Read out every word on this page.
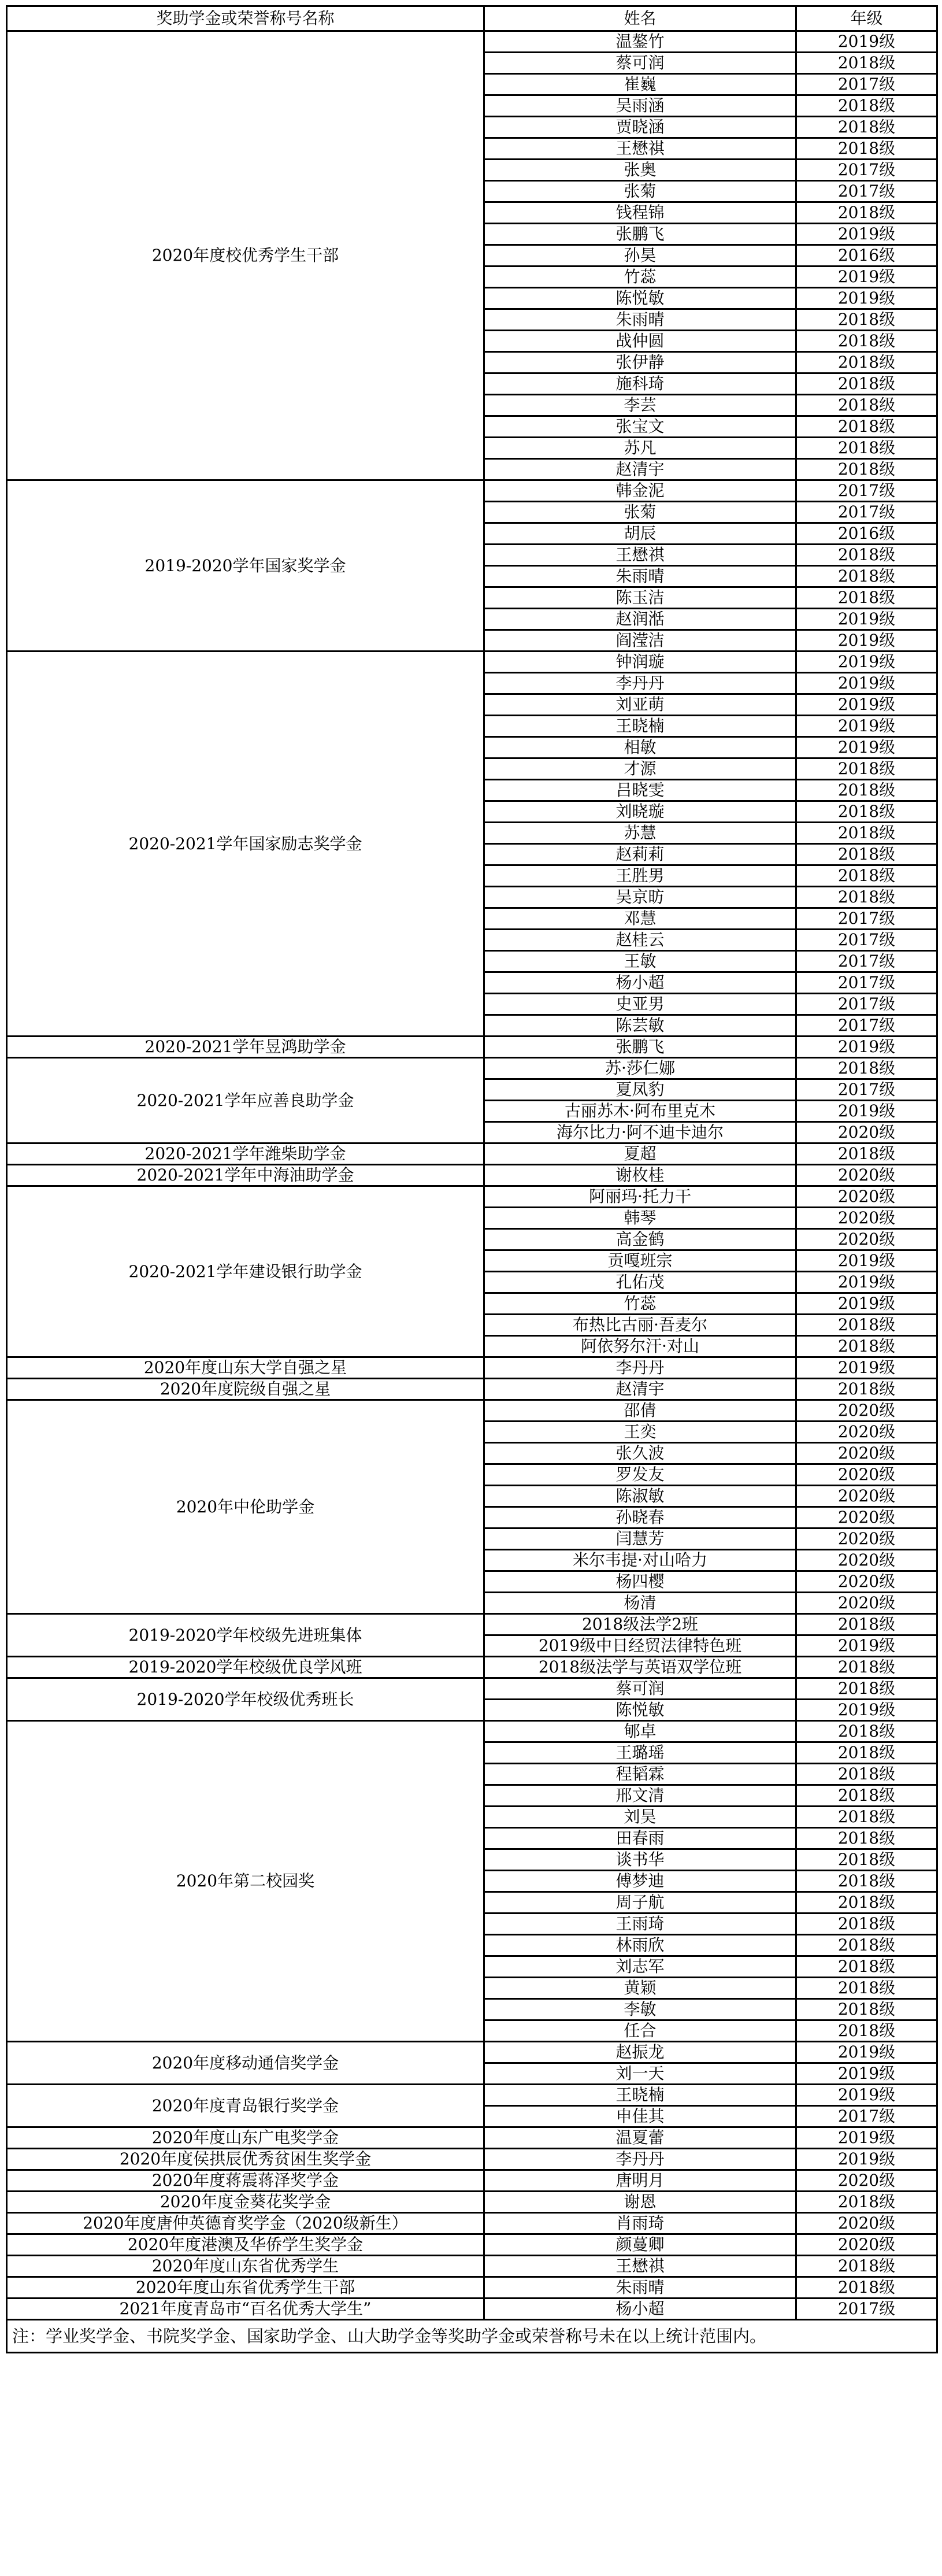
奖助学金或荣誉称号名称	姓名	年级
2020年度校优秀学生干部	温鏊竹	2019级
	蔡可润	2018级
	崔巍	2017级
	吴雨涵	2018级
	贾晓涵	2018级
	王懋祺	2018级
	张奥	2017级
	张菊	2017级
	钱程锦	2018级
	张鹏飞	2019级
	孙昊	2016级
	竹蕊	2019级
	陈悦敏	2019级
	朱雨晴	2018级
	战仲圆	2018级
	张伊静	2018级
	施科琦	2018级
	李芸	2018级
	张宝文	2018级
	苏凡	2018级
	赵清宇	2018级
2019-2020学年国家奖学金	韩金泥	2017级
	张菊	2017级
	胡辰	2016级
	王懋祺	2018级
	朱雨晴	2018级
	陈玉洁	2018级
	赵润湉	2019级
	阎滢洁	2019级
2020-2021学年国家励志奖学金	钟润璇	2019级
	李丹丹	2019级
	刘亚萌	2019级
	王晓楠	2019级
	相敏	2019级
	才源	2018级
	吕晓雯	2018级
	刘晓璇	2018级
	苏慧	2018级
	赵莉莉	2018级
	王胜男	2018级
	吴京昉	2018级
	邓慧	2017级
	赵桂云	2017级
	王敏	2017级
	杨小超	2017级
	史亚男	2017级
	陈芸敏	2017级
2020-2021学年昱鸿助学金	张鹏飞	2019级
2020-2021学年应善良助学金	苏·莎仁娜	2018级
	夏凤豹	2017级
	古丽苏木·阿布里克木	2019级
	海尔比力·阿不迪卡迪尔	2020级
2020-2021学年潍柴助学金	夏超	2018级
2020-2021学年中海油助学金	谢枚桂	2020级
2020-2021学年建设银行助学金	阿丽玛·托力干	2020级
	韩琴	2020级
	高金鹤	2020级
	贡嘎班宗	2019级
	孔佑茂	2019级
	竹蕊	2019级
	布热比古丽·吾麦尔	2018级
	阿依努尔汗·对山	2018级
2020年度山东大学自强之星	李丹丹	2019级
2020年度院级自强之星	赵清宇	2018级
2020年中伦助学金	邵倩	2020级
	王奕	2020级
	张久波	2020级
	罗发友	2020级
	陈淑敏	2020级
	孙晓春	2020级
	闫慧芳	2020级
	米尔韦提·对山哈力	2020级
	杨四樱	2020级
	杨清	2020级
2019-2020学年校级先进班集体	2018级法学2班	2018级
	2019级中日经贸法律特色班	2019级
2019-2020学年校级优良学风班	2018级法学与英语双学位班	2018级
2019-2020学年校级优秀班长	蔡可润	2018级
	陈悦敏	2019级
2020年第二校园奖	郇卓	2018级
	王璐瑶	2018级
	程韬霖	2018级
	邢文清	2018级
	刘昊	2018级
	田春雨	2018级
	谈书华	2018级
	傅梦迪	2018级
	周子航	2018级
	王雨琦	2018级
	林雨欣	2018级
	刘志军	2018级
	黄颖	2018级
	李敏	2018级
	任合	2018级
2020年度移动通信奖学金	赵振龙	2019级
	刘一天	2019级
2020年度青岛银行奖学金	王晓楠	2019级
	申佳其	2017级
2020年度山东广电奖学金	温夏蕾	2019级
2020年度侯拱辰优秀贫困生奖学金	李丹丹	2019级
2020年度蒋震蒋泽奖学金	唐明月	2020级
2020年度金葵花奖学金	谢恩	2018级
2020年度唐仲英德育奖学金（2020级新生）	肖雨琦	2020级
2020年度港澳及华侨学生奖学金	颜蔓卿	2020级
2020年度山东省优秀学生	王懋祺	2018级
2020年度山东省优秀学生干部	朱雨晴	2018级
2021年度青岛市“百名优秀大学生”	杨小超	2017级
注：学业奖学金、书院奖学金、国家助学金、山大助学金等奖助学金或荣誉称号未在以上统计范围内。		
